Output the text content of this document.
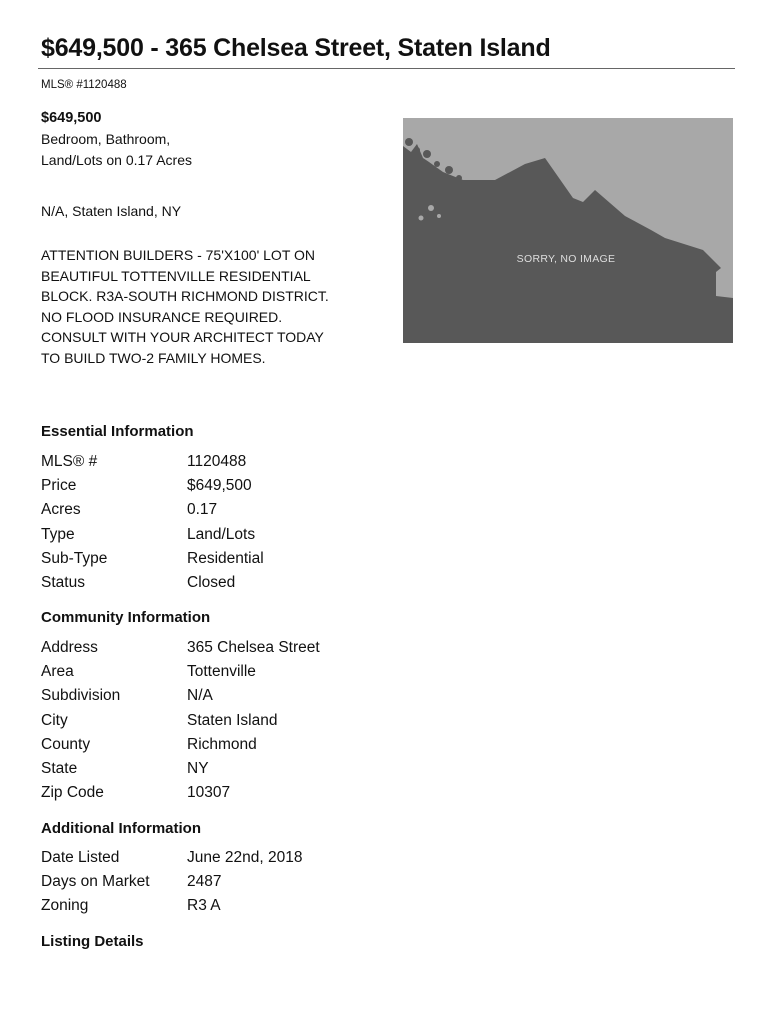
$649,500 - 365 Chelsea Street, Staten Island
MLS® #1120488
$649,500
Bedroom, Bathroom,
Land/Lots on 0.17 Acres
N/A, Staten Island, NY
ATTENTION BUILDERS - 75'X100' LOT ON
BEAUTIFUL TOTTENVILLE RESIDENTIAL
BLOCK. R3A-SOUTH RICHMOND DISTRICT.
NO FLOOD INSURANCE REQUIRED.
CONSULT WITH YOUR ARCHITECT TODAY
TO BUILD TWO-2 FAMILY HOMES.
SORRY, NO IMAGE
Essential Information
MLS® #	1120488
Price	$649,500
Acres	0.17
Type	Land/Lots
Sub-Type	Residential
Status	Closed
Community Information
Address	365 Chelsea Street
Area	Tottenville
Subdivision	N/A
City	Staten Island
County	Richmond
State	NY
Zip Code	10307
Additional Information
Date Listed	June 22nd, 2018
Days on Market 2487
Zoning	R3 A
Listing Details
